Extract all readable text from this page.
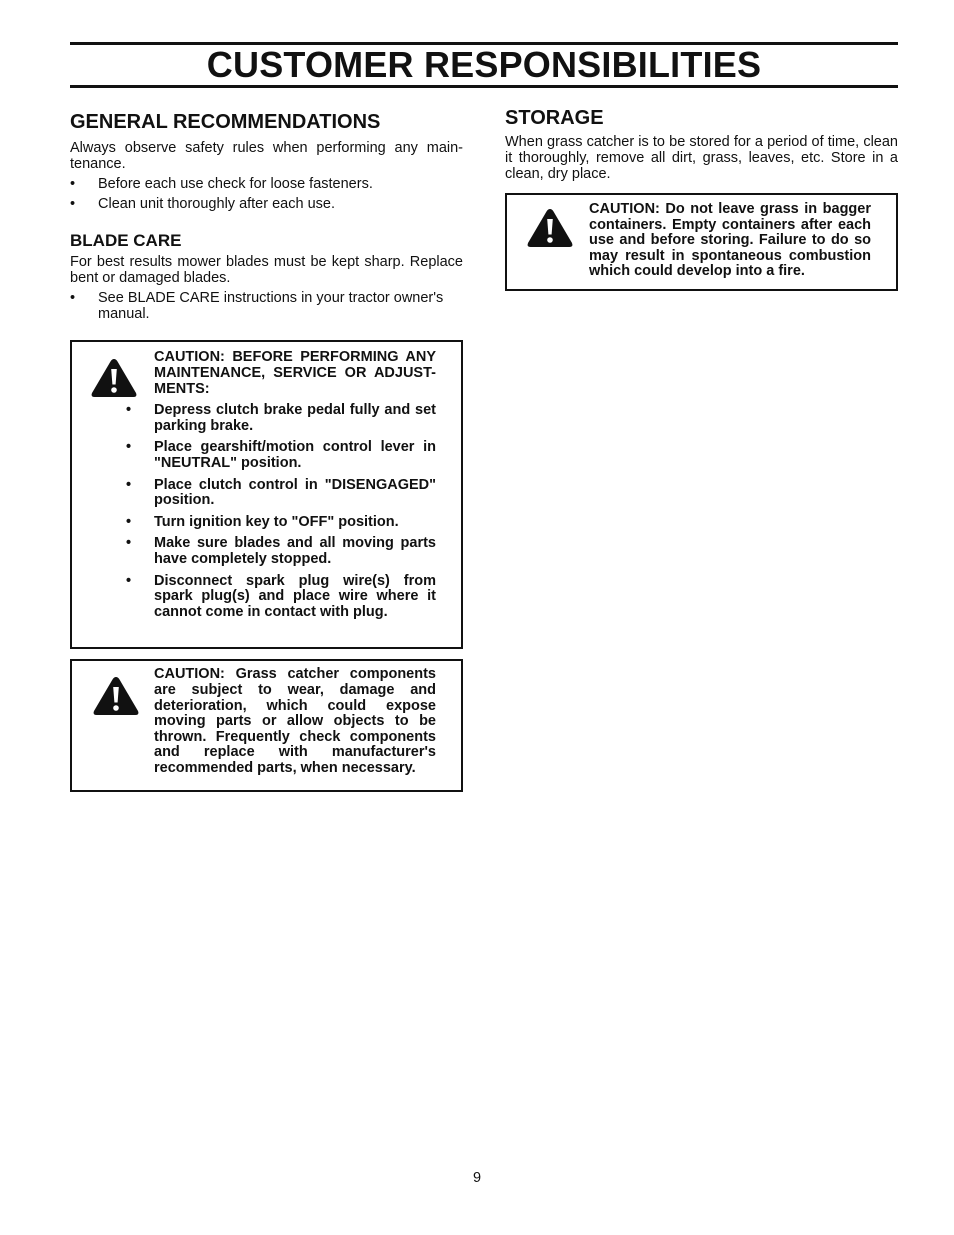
CUSTOMER RESPONSIBILITIES
GENERAL RECOMMENDATIONS

Always observe safety rules when performing any main-tenance.

• Before each use check for loose fasteners.
• Clean unit thoroughly after each use.
BLADE CARE

For best results mower blades must be kept sharp. Replace bent or damaged blades.

• See BLADE CARE instructions in your tractor owner's manual.
CAUTION: BEFORE PERFORMING ANY MAINTENANCE, SERVICE OR ADJUST-MENTS:
• Depress clutch brake pedal fully and set parking brake.
• Place gearshift/motion control lever in "NEUTRAL" position.
• Place clutch control in "DISENGAGED" position.
• Turn ignition key to "OFF" position.
• Make sure blades and all moving parts have completely stopped.
• Disconnect spark plug wire(s) from spark plug(s) and place wire where it cannot come in contact with plug.
CAUTION: Grass catcher components are subject to wear, damage and deterioration, which could expose moving parts or allow objects to be thrown. Frequently check components and replace with manufacturer's recommended parts, when necessary.
STORAGE

When grass catcher is to be stored for a period of time, clean it thoroughly, remove all dirt, grass, leaves, etc. Store in a clean, dry place.

CAUTION: Do not leave grass in bagger containers. Empty containers after each use and before storing. Failure to do so may result in spontaneous combustion which could develop into a fire.
9
